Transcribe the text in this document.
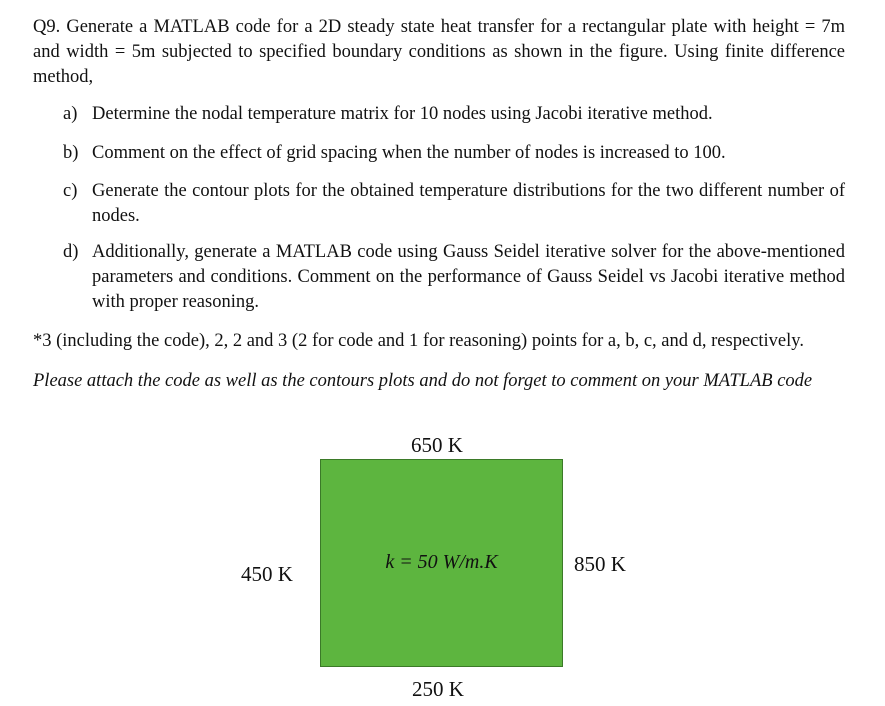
Q9. Generate a MATLAB code for a 2D steady state heat transfer for a rectangular plate with height = 7m and width = 5m subjected to specified boundary conditions as shown in the figure. Using finite difference method,

a) Determine the nodal temperature matrix for 10 nodes using Jacobi iterative method.
b) Comment on the effect of grid spacing when the number of nodes is increased to 100.
c) Generate the contour plots for the obtained temperature distributions for the two different number of nodes.
d) Additionally, generate a MATLAB code using Gauss Seidel iterative solver for the above-mentioned parameters and conditions. Comment on the performance of Gauss Seidel vs Jacobi iterative method with proper reasoning.

*3 (including the code), 2, 2 and 3 (2 for code and 1 for reasoning) points for a, b, c, and d, respectively.

Please attach the code as well as the contours plots and do not forget to comment on your MATLAB code

650 K
450 K	850 K
250 K
k = 50 W/m.K
